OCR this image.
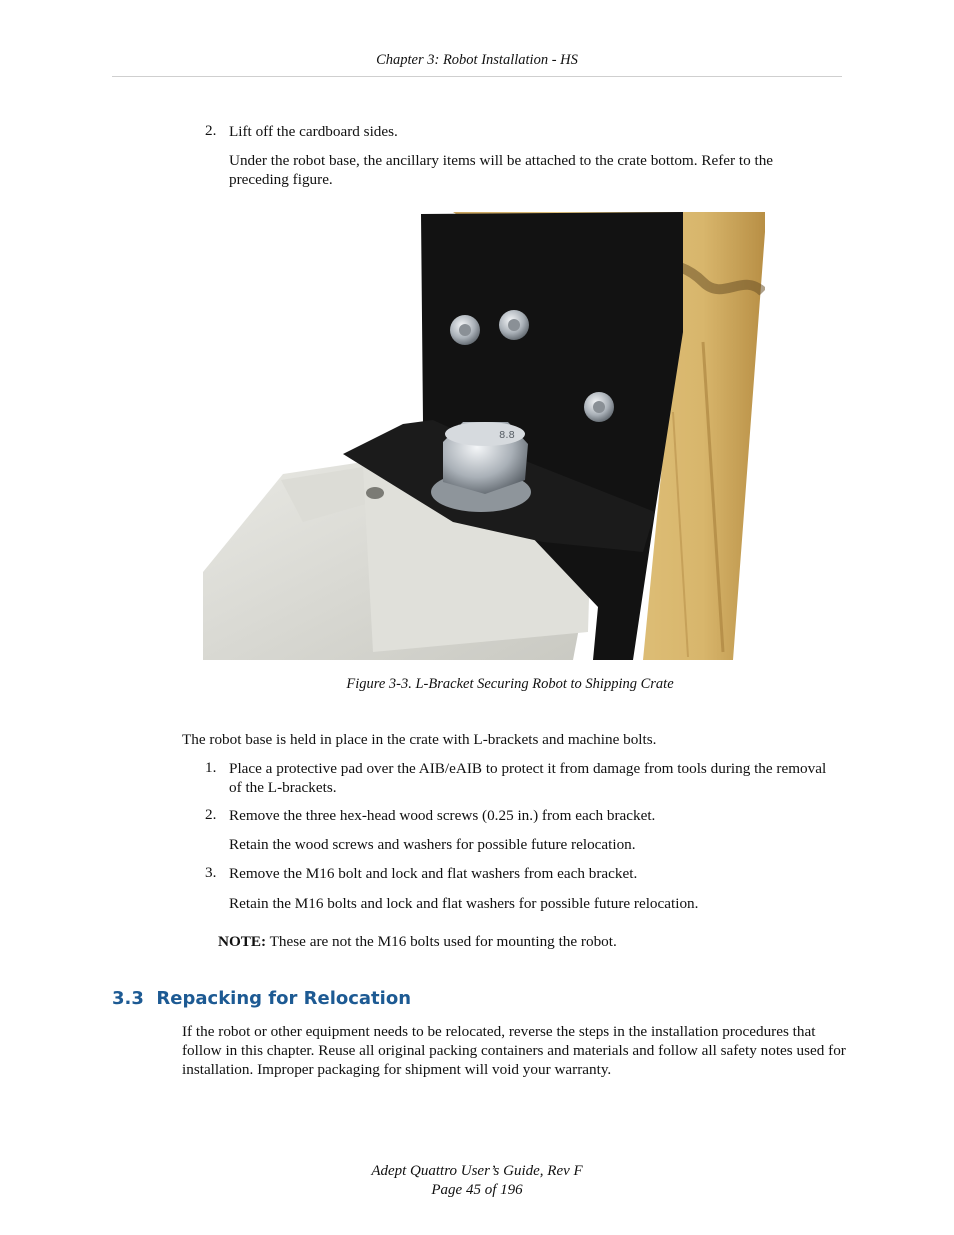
Chapter 3: Robot Installation - HS
2. Lift off the cardboard sides.
Under the robot base, the ancillary items will be attached to the crate bottom. Refer to the preceding figure.
8.8
Figure 3-3. L-Bracket Securing Robot to Shipping Crate
The robot base is held in place in the crate with L-brackets and machine bolts.
1. Place a protective pad over the AIB/eAIB to protect it from damage from tools during the removal of the L-brackets.
2. Remove the three hex-head wood screws (0.25 in.) from each bracket.
Retain the wood screws and washers for possible future relocation.
3. Remove the M16 bolt and lock and flat washers from each bracket.
Retain the M16 bolts and lock and flat washers for possible future relocation.
NOTE: These are not the M16 bolts used for mounting the robot.
3.3  Repacking for Relocation
If the robot or other equipment needs to be relocated, reverse the steps in the installation procedures that follow in this chapter. Reuse all original packing containers and materials and follow all safety notes used for installation. Improper packaging for shipment will void your warranty.
Adept Quattro User’s Guide, Rev F
Page 45 of 196
